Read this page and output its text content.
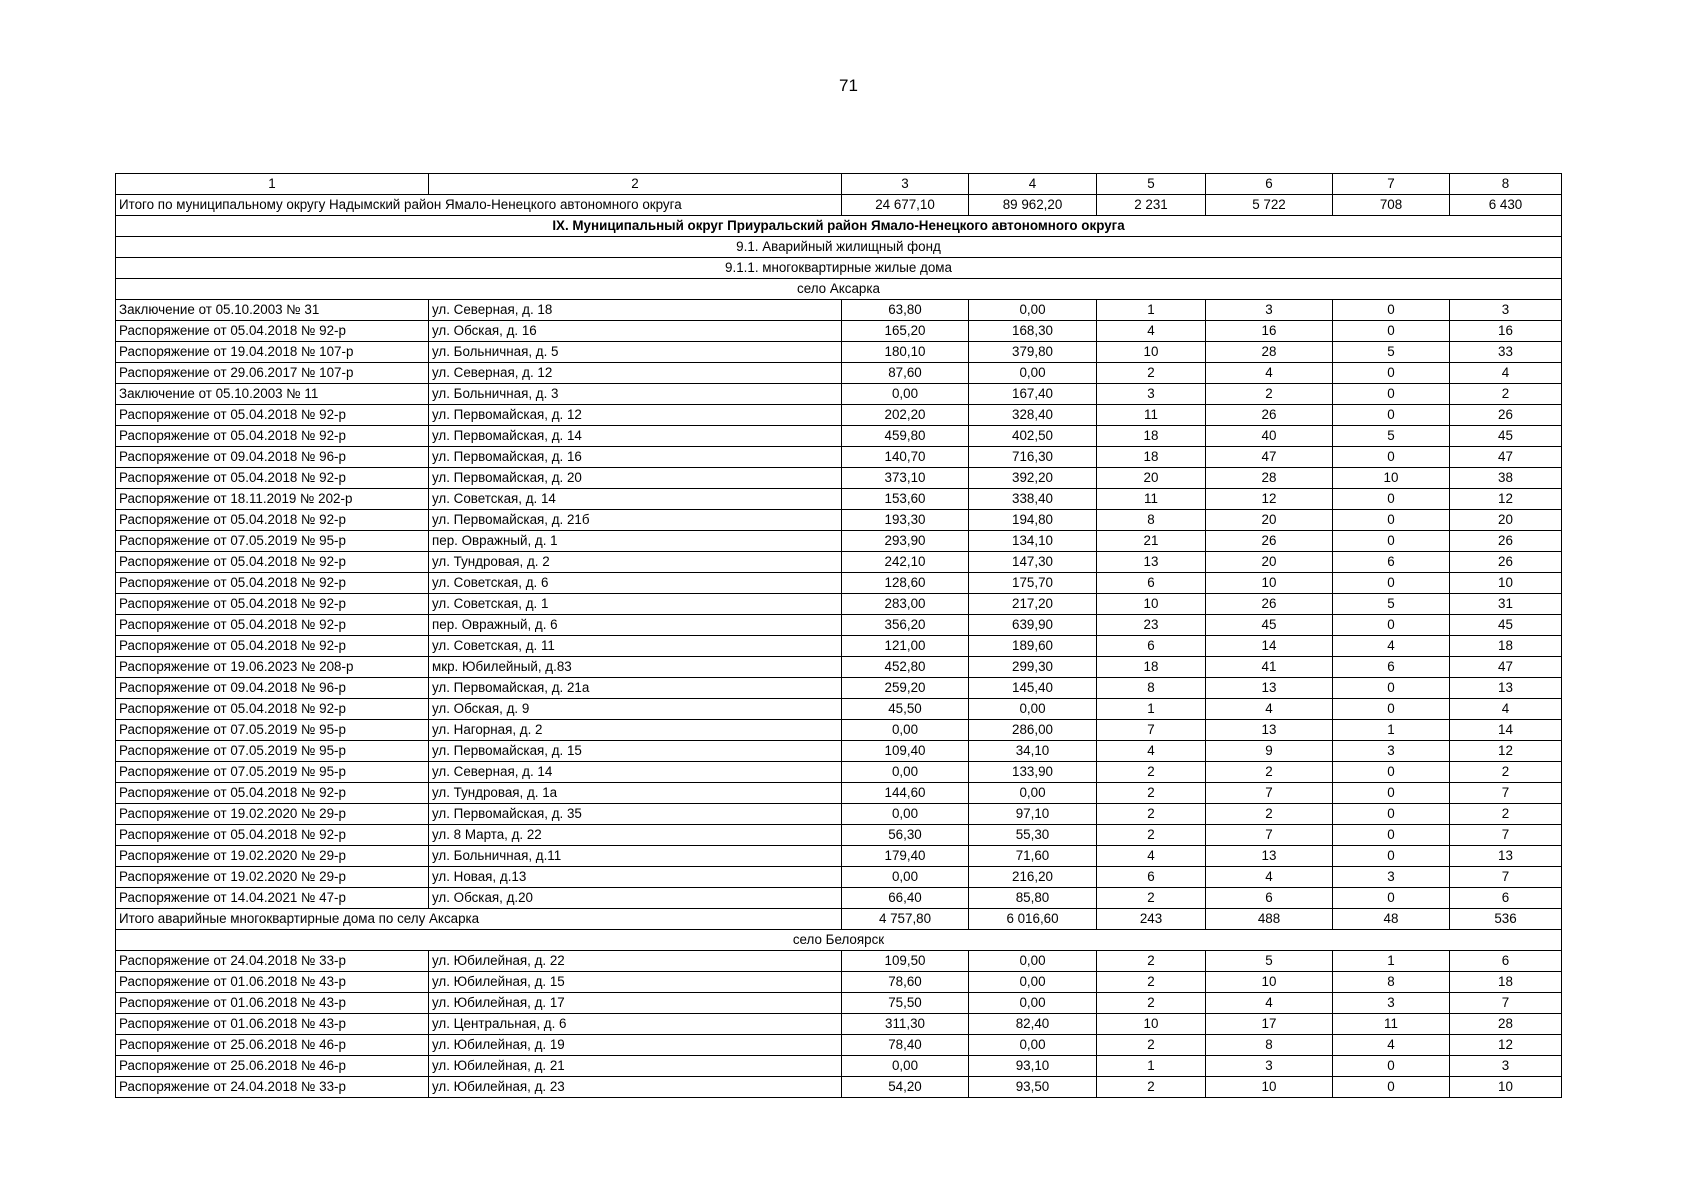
71
1	2	3	4	5	6	7	8
Итого по муниципальному округу Надымский район Ямало-Ненецкого автономного округа		24 677,10	89 962,20	2 231	5 722	708	6 430
IX. Муниципальный округ Приуральский район Ямало-Ненецкого автономного округа							
9.1. Аварийный жилищный фонд							
9.1.1. многоквартирные жилые дома							
село Аксарка							
Заключение от 05.10.2003 № 31	ул. Северная, д. 18	63,80	0,00	1	3	0	3
Распоряжение от 05.04.2018 № 92-р	ул. Обская, д. 16	165,20	168,30	4	16	0	16
Распоряжение от 19.04.2018 № 107-р	ул. Больничная, д. 5	180,10	379,80	10	28	5	33
Распоряжение от 29.06.2017 № 107-р	ул. Северная, д. 12	87,60	0,00	2	4	0	4
Заключение от 05.10.2003 № 11	ул. Больничная, д. 3	0,00	167,40	3	2	0	2
Распоряжение от 05.04.2018 № 92-р	ул. Первомайская, д. 12	202,20	328,40	11	26	0	26
Распоряжение от 05.04.2018 № 92-р	ул. Первомайская, д. 14	459,80	402,50	18	40	5	45
Распоряжение от 09.04.2018 № 96-р	ул. Первомайская, д. 16	140,70	716,30	18	47	0	47
Распоряжение от 05.04.2018 № 92-р	ул. Первомайская, д. 20	373,10	392,20	20	28	10	38
Распоряжение от 18.11.2019 № 202-р	ул. Советская, д. 14	153,60	338,40	11	12	0	12
Распоряжение от 05.04.2018 № 92-р	ул. Первомайская, д. 21б	193,30	194,80	8	20	0	20
Распоряжение от 07.05.2019 № 95-р	пер. Овражный, д. 1	293,90	134,10	21	26	0	26
Распоряжение от 05.04.2018 № 92-р	ул. Тундровая, д. 2	242,10	147,30	13	20	6	26
Распоряжение от 05.04.2018 № 92-р	ул. Советская, д. 6	128,60	175,70	6	10	0	10
Распоряжение от 05.04.2018 № 92-р	ул. Советская, д. 1	283,00	217,20	10	26	5	31
Распоряжение от 05.04.2018 № 92-р	пер. Овражный, д. 6	356,20	639,90	23	45	0	45
Распоряжение от 05.04.2018 № 92-р	ул. Советская, д. 11	121,00	189,60	6	14	4	18
Распоряжение от 19.06.2023 № 208-р	мкр. Юбилейный, д.83	452,80	299,30	18	41	6	47
Распоряжение от 09.04.2018 № 96-р	ул. Первомайская, д. 21а	259,20	145,40	8	13	0	13
Распоряжение от 05.04.2018 № 92-р	ул. Обская, д. 9	45,50	0,00	1	4	0	4
Распоряжение от 07.05.2019 № 95-р	ул. Нагорная, д. 2	0,00	286,00	7	13	1	14
Распоряжение от 07.05.2019 № 95-р	ул. Первомайская, д. 15	109,40	34,10	4	9	3	12
Распоряжение от 07.05.2019 № 95-р	ул. Северная, д. 14	0,00	133,90	2	2	0	2
Распоряжение от 05.04.2018 № 92-р	ул. Тундровая, д. 1а	144,60	0,00	2	7	0	7
Распоряжение от 19.02.2020 № 29-р	ул. Первомайская, д. 35	0,00	97,10	2	2	0	2
Распоряжение от 05.04.2018 № 92-р	ул. 8 Марта, д. 22	56,30	55,30	2	7	0	7
Распоряжение от 19.02.2020 № 29-р	ул. Больничная, д.11	179,40	71,60	4	13	0	13
Распоряжение от 19.02.2020 № 29-р	ул. Новая, д.13	0,00	216,20	6	4	3	7
Распоряжение от 14.04.2021 № 47-р	ул. Обская, д.20	66,40	85,80	2	6	0	6
Итого аварийные многоквартирные дома по селу Аксарка		4 757,80	6 016,60	243	488	48	536
село Белоярск							
Распоряжение от 24.04.2018 № 33-р	ул. Юбилейная, д. 22	109,50	0,00	2	5	1	6
Распоряжение от 01.06.2018 № 43-р	ул. Юбилейная, д. 15	78,60	0,00	2	10	8	18
Распоряжение от 01.06.2018 № 43-р	ул. Юбилейная, д. 17	75,50	0,00	2	4	3	7
Распоряжение от 01.06.2018 № 43-р	ул. Центральная, д. 6	311,30	82,40	10	17	11	28
Распоряжение от 25.06.2018 № 46-р	ул. Юбилейная, д. 19	78,40	0,00	2	8	4	12
Распоряжение от 25.06.2018 № 46-р	ул. Юбилейная, д. 21	0,00	93,10	1	3	0	3
Распоряжение от 24.04.2018 № 33-р	ул. Юбилейная, д. 23	54,20	93,50	2	10	0	10
